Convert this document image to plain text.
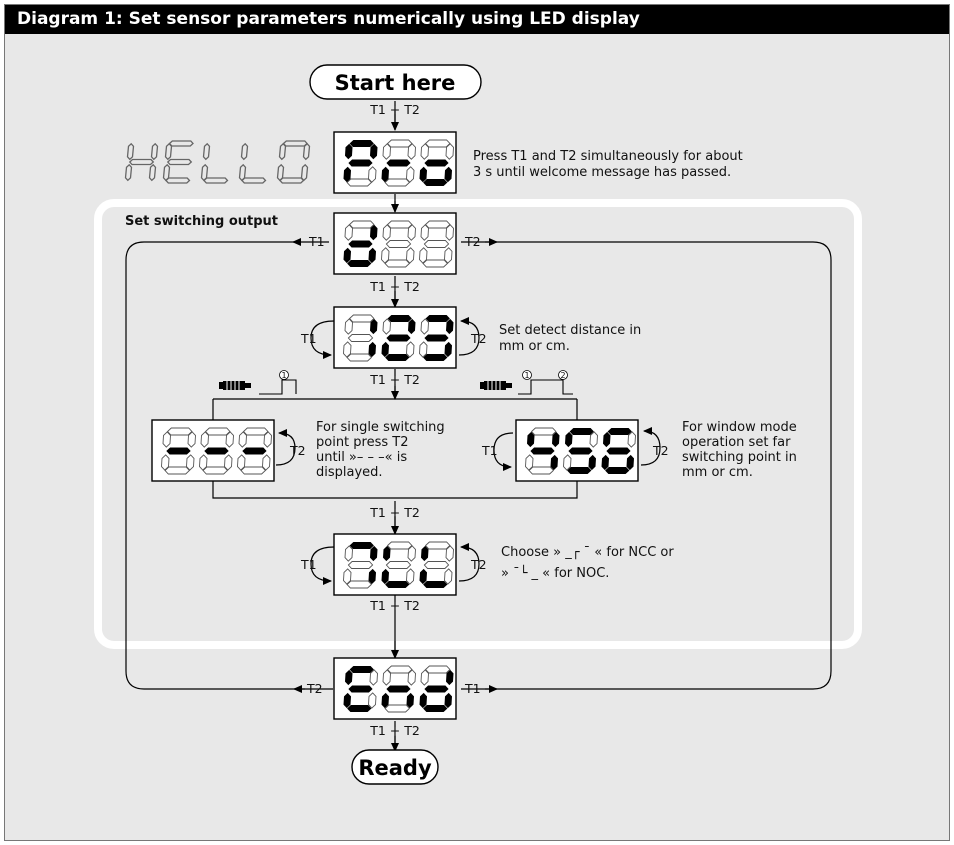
Diagram 1: Set sensor parameters numerically using LED display
Set switching output
T1 + T2
T1 + T2
T1 + T2
T1 + T2
T1 + T2
T1 + T2
T1	T2
T2	T1
T1	T2
T2	T1	T2
T1	T2
Start here
Ready
1	1	2
Press T1 and T2 simultaneously for about 3 s until welcome message has passed.
Set detect distance in mm or cm.
For single switching point press T2 until »– – –« is displayed.
For window mode operation set far switching point in mm or cm.
Choose » _┌ ¯ « for NCC or » ¯└ _ « for NOC.
